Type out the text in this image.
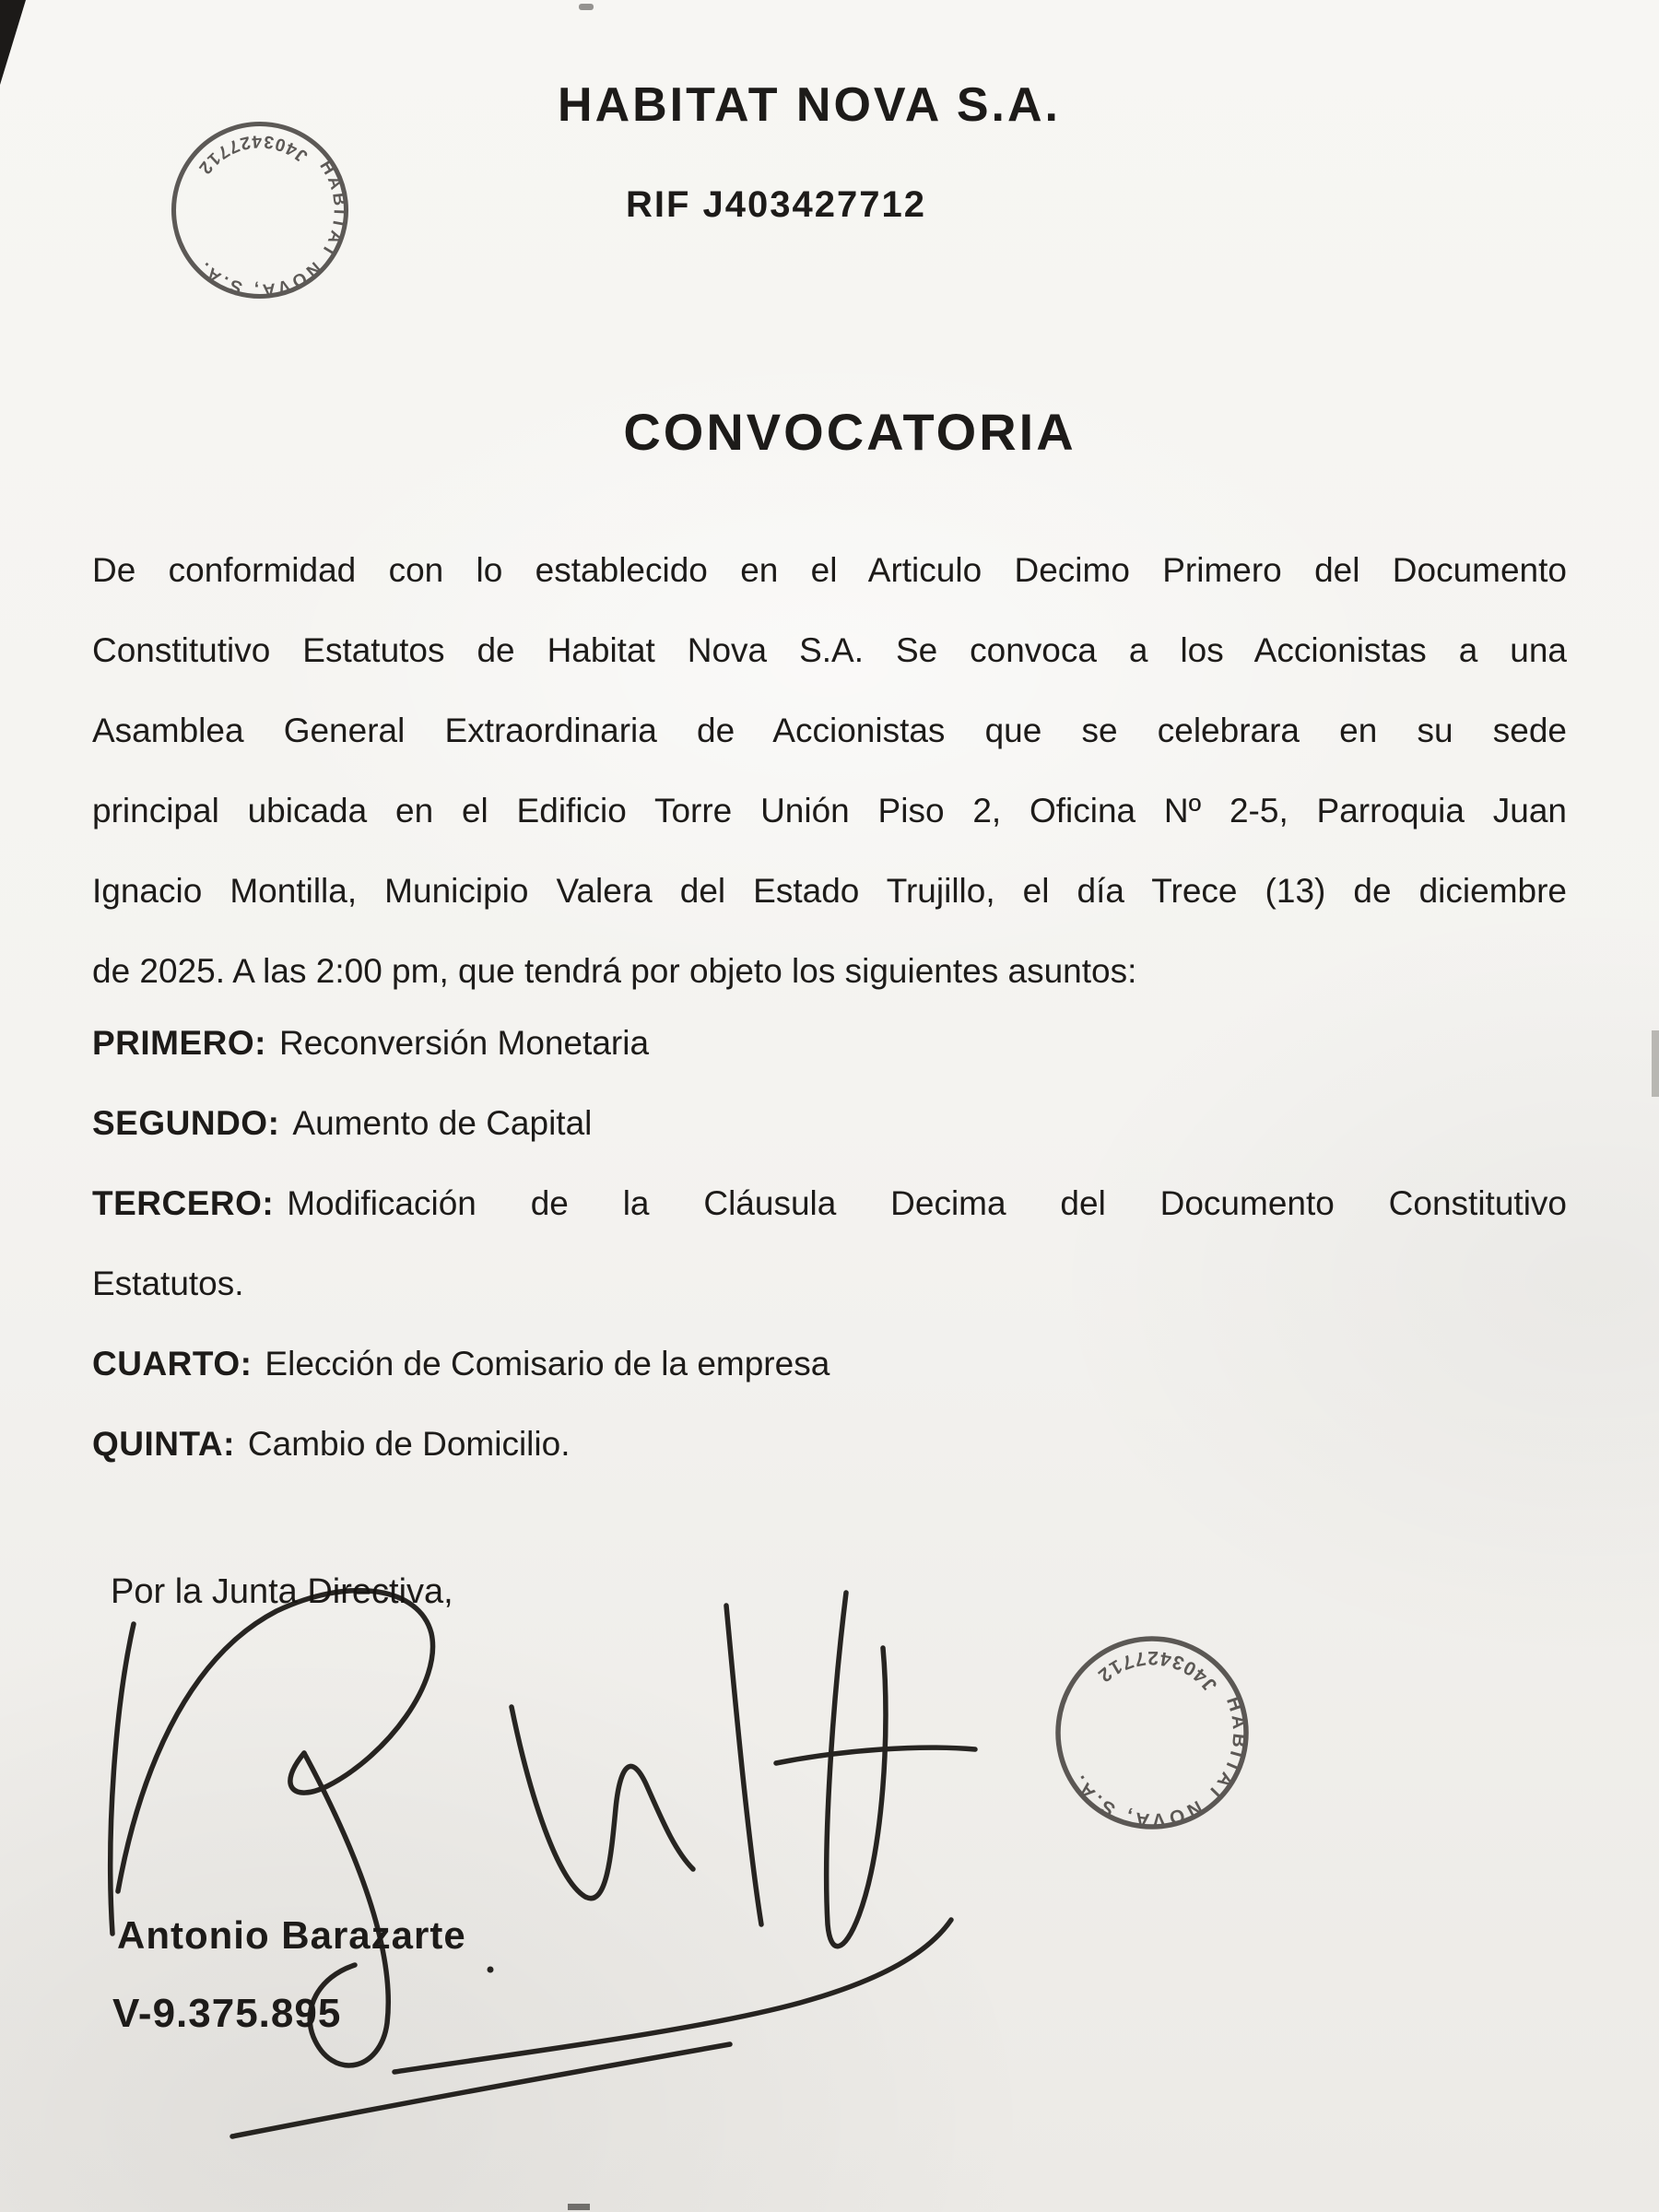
HABITAT NOVA, S.A.
J403427712
HABITAT NOVA S.A.
RIF J403427712
CONVOCATORIA
De conformidad con lo establecido en el Articulo Decimo Primero del Documento
Constitutivo Estatutos de Habitat Nova S.A. Se convoca a los Accionistas a una
Asamblea General Extraordinaria de Accionistas que se celebrara en su sede
principal ubicada en el Edificio Torre Unión Piso 2, Oficina Nº 2-5, Parroquia Juan
Ignacio Montilla, Municipio Valera del Estado Trujillo, el día Trece (13) de diciembre
de 2025. A las 2:00 pm, que tendrá por objeto los siguientes asuntos:
PRIMERO: Reconversión Monetaria
SEGUNDO: Aumento de Capital
TERCERO: Modificación de la Cláusula Decima del Documento Constitutivo
Estatutos.
CUARTO: Elección de Comisario de la empresa
QUINTA: Cambio de Domicilio.
Por la Junta Directiva,
HABITAT NOVA, S.A.
J403427712
Antonio Barazarte
V-9.375.895
